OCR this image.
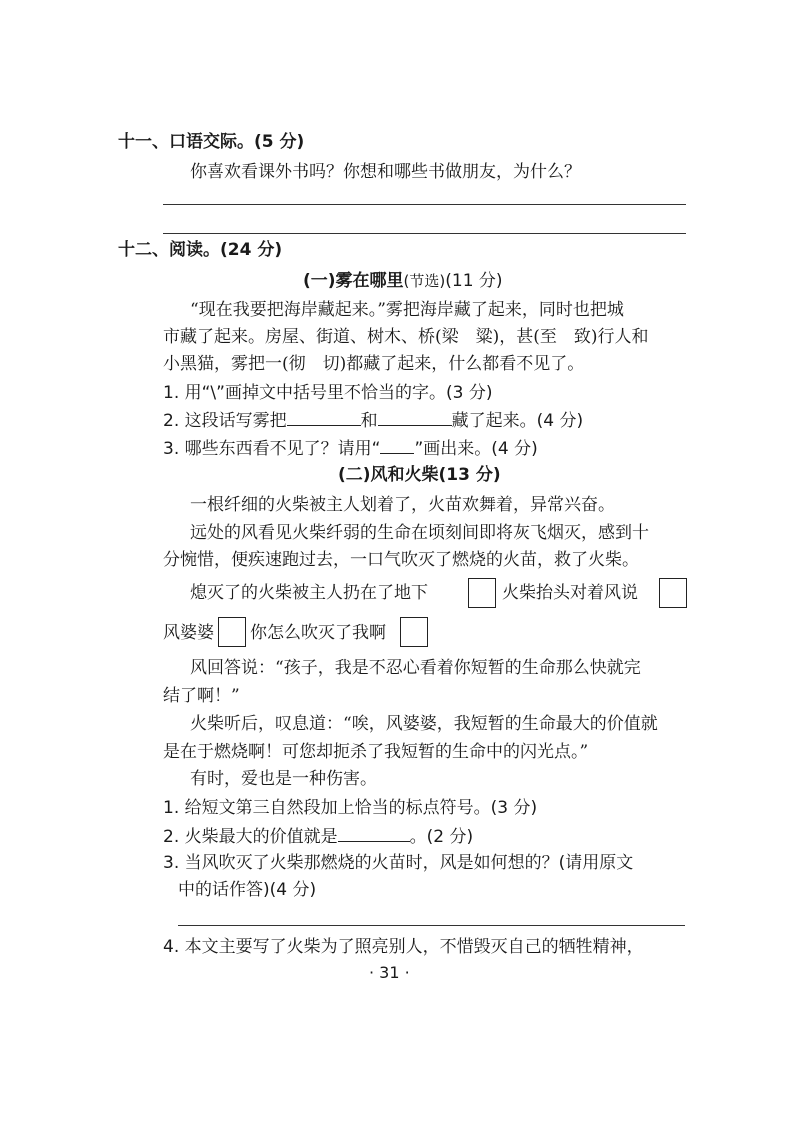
十一、口语交际。(5 分)
你喜欢看课外书吗？你想和哪些书做朋友，为什么？
十二、阅读。(24 分)
(一)雾在哪里(节选)(11 分)
“现在我要把海岸藏起来。”雾把海岸藏了起来，同时也把城
市藏了起来。房屋、街道、树木、桥(梁　粱)，甚(至　致)行人和
小黑猫，雾把一(彻　切)都藏了起来，什么都看不见了。
1. 用“\”画掉文中括号里不恰当的字。(3 分)
2. 这段话写雾把	和	藏了起来。(4 分)
3. 哪些东西看不见了？请用“ ”画出来。(4 分)
(二)风和火柴(13 分)
一根纤细的火柴被主人划着了，火苗欢舞着，异常兴奋。
远处的风看见火柴纤弱的生命在顷刻间即将灰飞烟灭，感到十
分惋惜，便疾速跑过去，一口气吹灭了燃烧的火苗，救了火柴。
熄灭了的火柴被主人扔在了地下	火柴抬头对着风说
风婆婆 你怎么吹灭了我啊
风回答说：“孩子，我是不忍心看着你短暂的生命那么快就完
结了啊！”
火柴听后，叹息道：“唉，风婆婆，我短暂的生命最大的价值就
是在于燃烧啊！可您却扼杀了我短暂的生命中的闪光点。”
有时，爱也是一种伤害。
1. 给短文第三自然段加上恰当的标点符号。(3 分)
2. 火柴最大的价值就是	。(2 分)
3. 当风吹灭了火柴那燃烧的火苗时，风是如何想的？(请用原文
中的话作答)(4 分)
4. 本文主要写了火柴为了照亮别人，不惜毁灭自己的牺牲精神，
· 31 ·
